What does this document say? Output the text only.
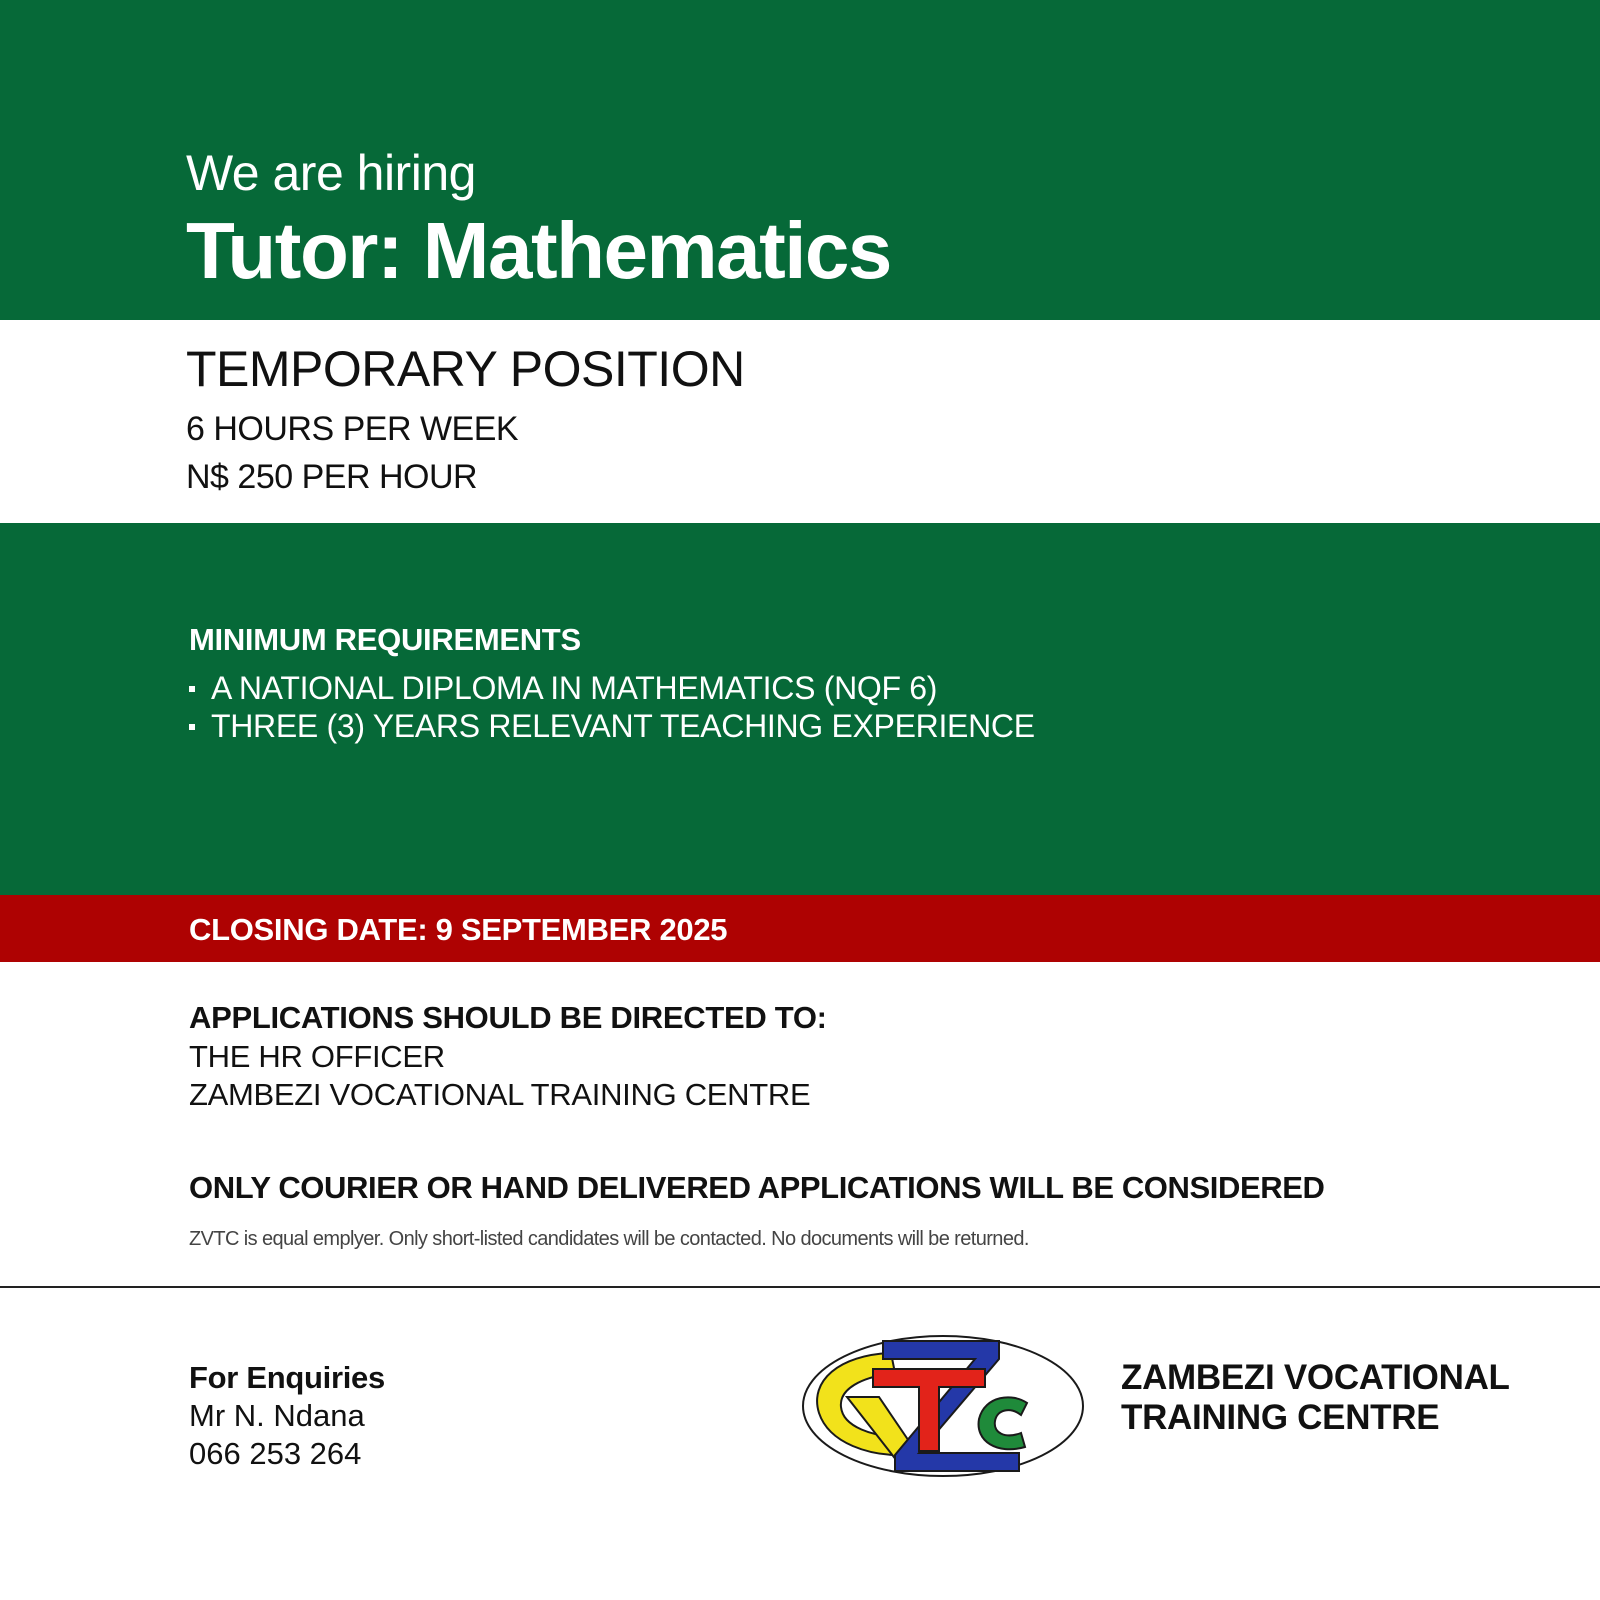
We are hiring
Tutor: Mathematics
TEMPORARY POSITION
6 HOURS PER WEEK
N$ 250 PER HOUR
MINIMUM REQUIREMENTS
A NATIONAL DIPLOMA IN MATHEMATICS (NQF 6)
THREE (3) YEARS RELEVANT TEACHING EXPERIENCE
CLOSING DATE: 9 SEPTEMBER 2025
APPLICATIONS SHOULD BE DIRECTED TO:
THE HR OFFICER
ZAMBEZI VOCATIONAL TRAINING CENTRE
ONLY COURIER OR HAND DELIVERED APPLICATIONS WILL BE CONSIDERED
ZVTC is equal emplyer. Only short-listed candidates will be contacted. No documents will be returned.
For Enquiries
Mr N. Ndana
066 253 264
ZAMBEZI VOCATIONAL
TRAINING CENTRE
